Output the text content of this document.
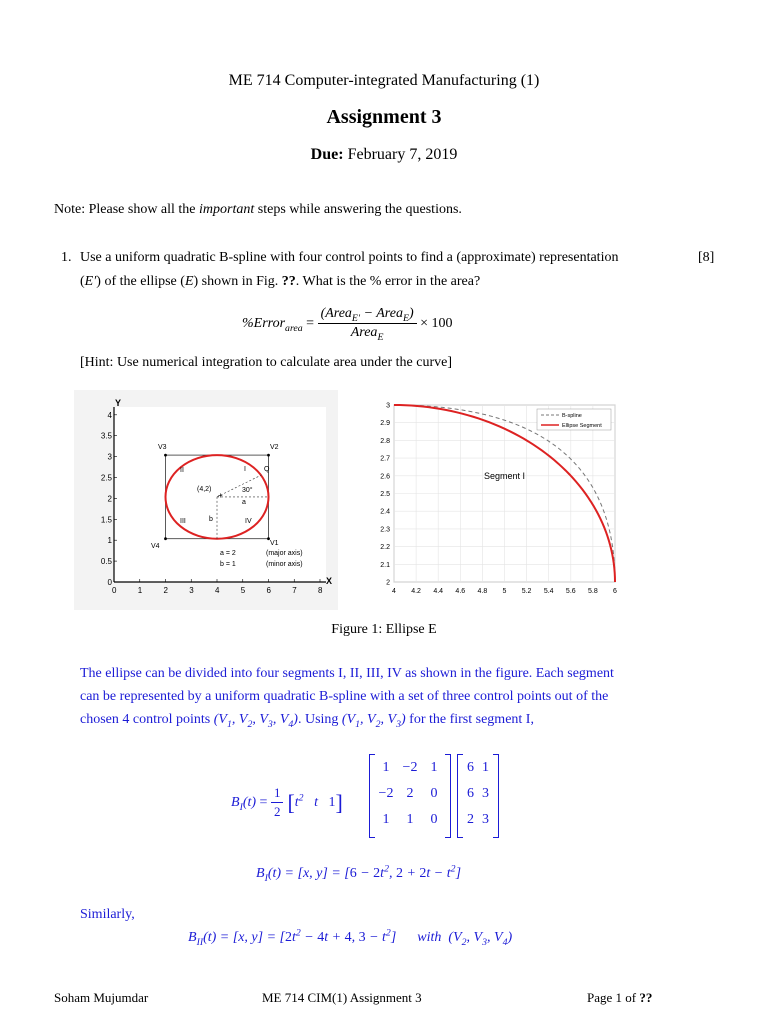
ME 714 Computer-integrated Manufacturing (1)
Assignment 3
Due: February 7, 2019
Note: Please show all the important steps while answering the questions.
1. Use a uniform quadratic B-spline with four control points to find a (approximate) representation	[8]
(E′) of the ellipse (E) shown in Fig. ??. What is the % error in the area?
%Error$_{area}$ = $\frac{(Area_{E'} - Area_E)}{Area_E} \times 100$
[Hint: Use numerical integration to calculate area under the curve]
0	1	2	3	4	5	6	7	8
0
0.5
1
1.5
2
2.5
3
3.5
4
X
Y
+
V3	V2
V4	V1
I
II
III	IV
Q
(4,2)	30°
a
b
a = 2
b = 1
(major axis)
(minor axis)
4 4.2 4.4 4.6 4.8 5 5.2 5.4 5.6 5.8 6
2
2.1
2.2
2.3
2.4
2.5
2.6
2.7
2.8
2.9
3
Segment I
B-spline
Ellipse Segment
Figure 1: Ellipse E
The ellipse can be divided into four segments I, II, III, IV as shown in the figure. Each segment
can be represented by a uniform quadratic B-spline with a set of three control points out of the
chosen 4 control points ($V_1$, $V_2$, $V_3$, $V_4$). Using ($V_1$, $V_2$, $V_3$) for the first segment I,
$B_I(t) = \frac{1}{2}$ [ $t^2$   t 1 ]
1 −2 1
−2 2	0
1	1	0
6 1
6 3
2 3
$B_I(t) = [x$, $y] = [6 - 2t^2$, $2 + 2t - t^2$]
Similarly,
$B_{II}(t) = [x$, $y] = [2t^2 - 4t + 4$, $3 - t^2$]      with  ($V_2$, $V_3$, $V_4$)
Soham Mujumdar	ME 714 CIM(1) Assignment 3	Page 1 of ??
